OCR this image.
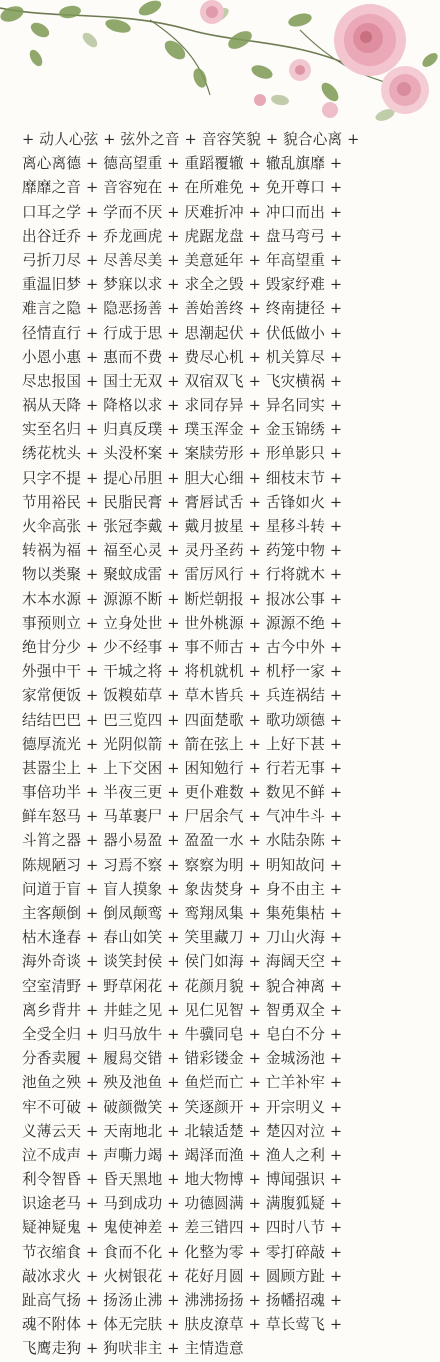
+ 动人心弦 + 弦外之音 + 音容笑貌 + 貌合心离 +
离心离德 + 德高望重 + 重蹈覆辙 + 辙乱旗靡 +
靡靡之音 + 音容宛在 + 在所难免 + 免开尊口 +
口耳之学 + 学而不厌 + 厌难折冲 + 冲口而出 +
出谷迁乔 + 乔龙画虎 + 虎踞龙盘 + 盘马弯弓 +
弓折刀尽 + 尽善尽美 + 美意延年 + 年高望重 +
重温旧梦 + 梦寐以求 + 求全之毁 + 毁家纾难 +
难言之隐 + 隐恶扬善 + 善始善终 + 终南捷径 +
径情直行 + 行成于思 + 思潮起伏 + 伏低做小 +
小恩小惠 + 惠而不费 + 费尽心机 + 机关算尽 +
尽忠报国 + 国士无双 + 双宿双飞 + 飞灾横祸 +
祸从天降 + 降格以求 + 求同存异 + 异名同实 +
实至名归 + 归真反璞 + 璞玉浑金 + 金玉锦绣 +
绣花枕头 + 头没杯案 + 案牍劳形 + 形单影只 +
只字不提 + 提心吊胆 + 胆大心细 + 细枝末节 +
节用裕民 + 民脂民膏 + 膏唇试舌 + 舌锋如火 +
火伞高张 + 张冠李戴 + 戴月披星 + 星移斗转 +
转祸为福 + 福至心灵 + 灵丹圣药 + 药笼中物 +
物以类聚 + 聚蚊成雷 + 雷厉风行 + 行将就木 +
木本水源 + 源源不断 + 断烂朝报 + 报冰公事 +
事预则立 + 立身处世 + 世外桃源 + 源源不绝 +
绝甘分少 + 少不经事 + 事不师古 + 古今中外 +
外强中干 + 干城之将 + 将机就机 + 机杼一家 +
家常便饭 + 饭糗茹草 + 草木皆兵 + 兵连祸结 +
结结巴巴 + 巴三览四 + 四面楚歌 + 歌功颂德 +
德厚流光 + 光阴似箭 + 箭在弦上 + 上好下甚 +
甚嚣尘上 + 上下交困 + 困知勉行 + 行若无事 +
事倍功半 + 半夜三更 + 更仆难数 + 数见不鲜 +
鲜车怒马 + 马革裹尸 + 尸居余气 + 气冲牛斗 +
斗筲之器 + 器小易盈 + 盈盈一水 + 水陆杂陈 +
陈规陋习 + 习焉不察 + 察察为明 + 明知故问 +
问道于盲 + 盲人摸象 + 象齿焚身 + 身不由主 +
主客颠倒 + 倒凤颠鸾 + 鸾翔凤集 + 集苑集枯 +
枯木逢春 + 春山如笑 + 笑里藏刀 + 刀山火海 +
海外奇谈 + 谈笑封侯 + 侯门如海 + 海阔天空 +
空室清野 + 野草闲花 + 花颜月貌 + 貌合神离 +
离乡背井 + 井蛙之见 + 见仁见智 + 智勇双全 +
全受全归 + 归马放牛 + 牛骥同皂 + 皂白不分 +
分香卖履 + 履舄交错 + 错彩镂金 + 金城汤池 +
池鱼之殃 + 殃及池鱼 + 鱼烂而亡 + 亡羊补牢 +
牢不可破 + 破颜微笑 + 笑逐颜开 + 开宗明义 +
义薄云天 + 天南地北 + 北辕适楚 + 楚囚对泣 +
泣不成声 + 声嘶力竭 + 竭泽而渔 + 渔人之利 +
利令智昏 + 昏天黑地 + 地大物博 + 博闻强识 +
识途老马 + 马到成功 + 功德圆满 + 满腹狐疑 +
疑神疑鬼 + 鬼使神差 + 差三错四 + 四时八节 +
节衣缩食 + 食而不化 + 化整为零 + 零打碎敲 +
敲冰求火 + 火树银花 + 花好月圆 + 圆顾方趾 +
趾高气扬 + 扬汤止沸 + 沸沸扬扬 + 扬幡招魂 +
魂不附体 + 体无完肤 + 肤皮潦草 + 草长莺飞 +
飞鹰走狗 + 狗吠非主 + 主情造意
